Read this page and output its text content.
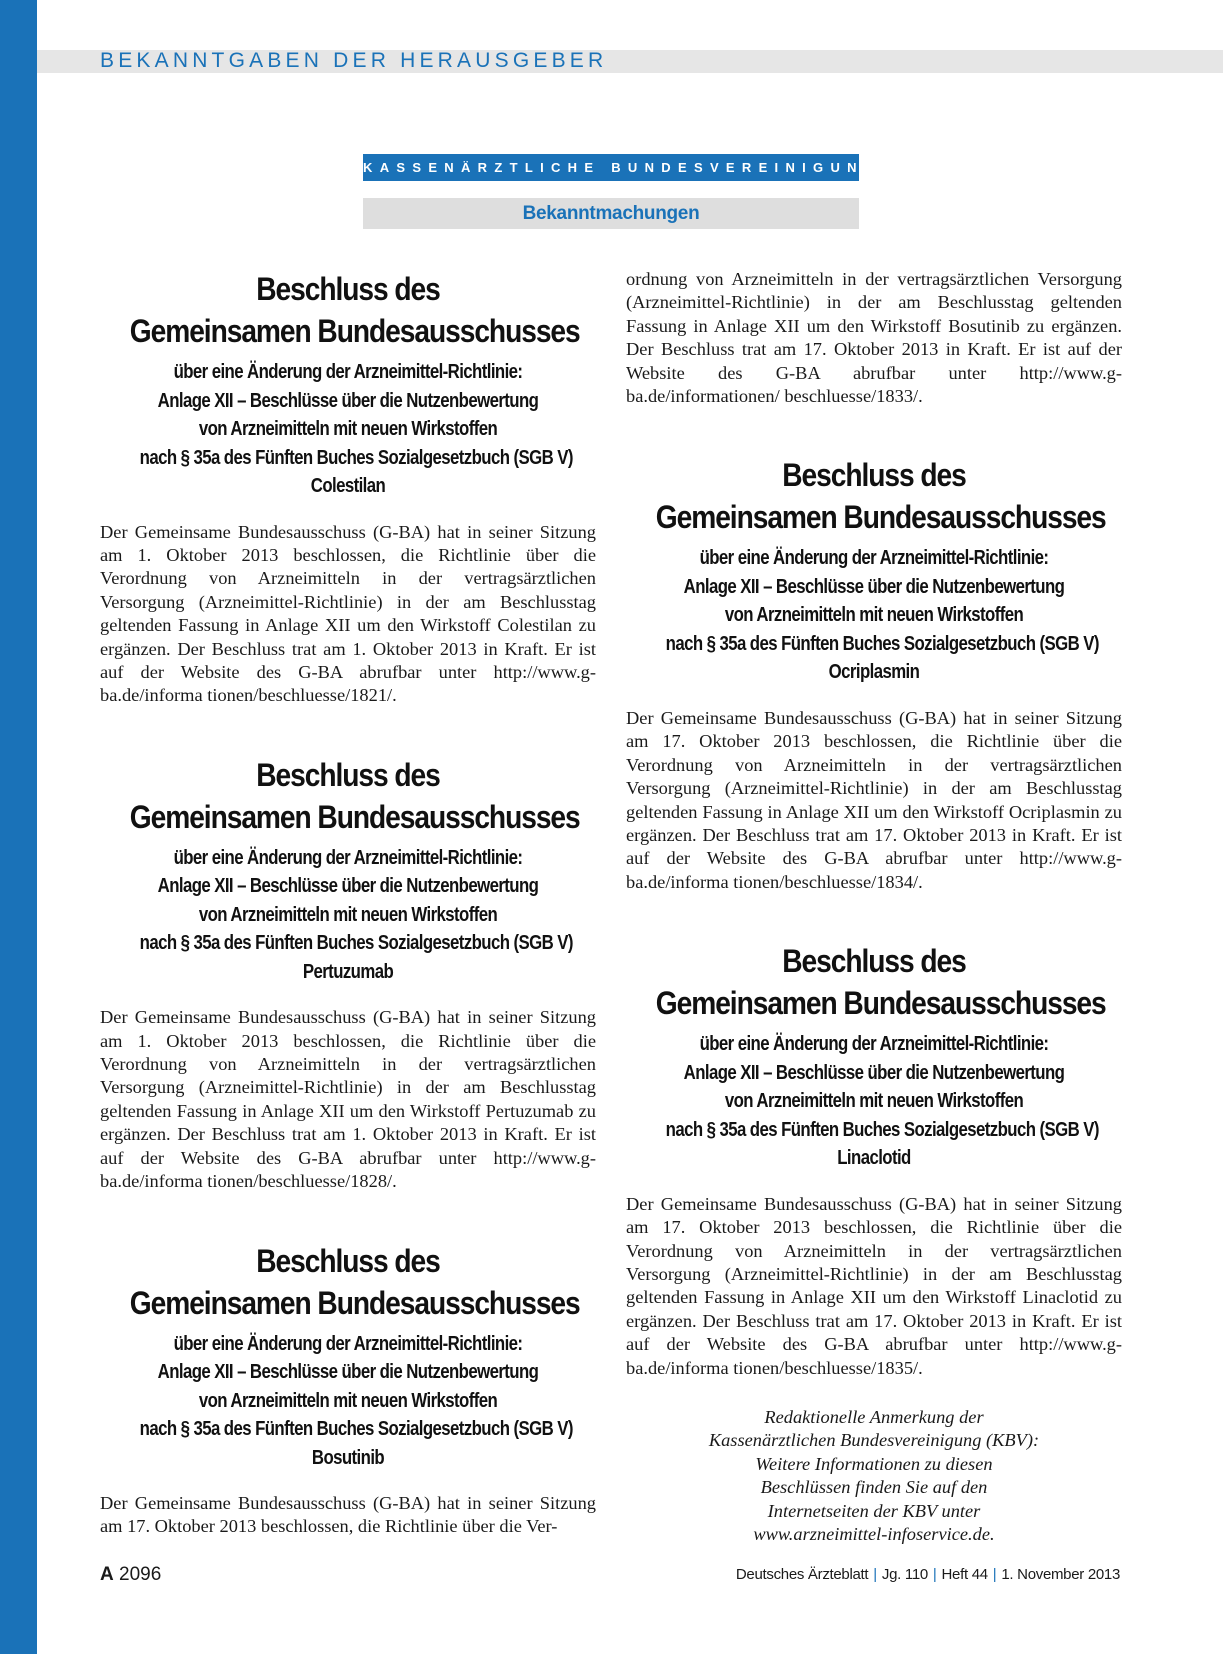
BEKANNTGABEN DER HERAUSGEBER
KASSENÄRZTLICHE BUNDESVEREINIGUNG
Bekanntmachungen
Beschluss des
Gemeinsamen Bundesausschusses
über eine Änderung der Arzneimittel-Richtlinie:
Anlage XII – Beschlüsse über die Nutzenbewertung
von Arzneimitteln mit neuen Wirkstoffen
nach § 35a des Fünften Buches Sozialgesetzbuch (SGB V)
Colestilan
Der Gemeinsame Bundesausschuss (G-BA) hat in seiner Sitzung am 1. Oktober 2013 beschlossen, die Richtlinie über die Verordnung von Arzneimitteln in der vertragsärztlichen Versorgung (Arzneimittel-Richtlinie) in der am Beschlusstag geltenden Fassung in Anlage XII um den Wirkstoff Colestilan zu ergänzen. Der Beschluss trat am 1. Oktober 2013 in Kraft. Er ist auf der Website des G-BA abrufbar unter http://www.g-ba.de/informa tionen/beschluesse/1821/.
Beschluss des
Gemeinsamen Bundesausschusses
über eine Änderung der Arzneimittel-Richtlinie:
Anlage XII – Beschlüsse über die Nutzenbewertung
von Arzneimitteln mit neuen Wirkstoffen
nach § 35a des Fünften Buches Sozialgesetzbuch (SGB V)
Pertuzumab
Der Gemeinsame Bundesausschuss (G-BA) hat in seiner Sitzung am 1. Oktober 2013 beschlossen, die Richtlinie über die Verordnung von Arzneimitteln in der vertragsärztlichen Versorgung (Arzneimittel-Richtlinie) in der am Beschlusstag geltenden Fassung in Anlage XII um den Wirkstoff Pertuzumab zu ergänzen. Der Beschluss trat am 1. Oktober 2013 in Kraft. Er ist auf der Website des G-BA abrufbar unter http://www.g-ba.de/informa tionen/beschluesse/1828/.
Beschluss des
Gemeinsamen Bundesausschusses
über eine Änderung der Arzneimittel-Richtlinie:
Anlage XII – Beschlüsse über die Nutzenbewertung
von Arzneimitteln mit neuen Wirkstoffen
nach § 35a des Fünften Buches Sozialgesetzbuch (SGB V)
Bosutinib
Der Gemeinsame Bundesausschuss (G-BA) hat in seiner Sitzung am 17. Oktober 2013 beschlossen, die Richtlinie über die Ver-
ordnung von Arzneimitteln in der vertragsärztlichen Versorgung (Arzneimittel-Richtlinie) in der am Beschlusstag geltenden Fassung in Anlage XII um den Wirkstoff Bosutinib zu ergänzen. Der Beschluss trat am 17. Oktober 2013 in Kraft. Er ist auf der Website des G-BA abrufbar unter http://www.g-ba.de/informationen/ beschluesse/1833/.
Beschluss des
Gemeinsamen Bundesausschusses
über eine Änderung der Arzneimittel-Richtlinie:
Anlage XII – Beschlüsse über die Nutzenbewertung
von Arzneimitteln mit neuen Wirkstoffen
nach § 35a des Fünften Buches Sozialgesetzbuch (SGB V)
Ocriplasmin
Der Gemeinsame Bundesausschuss (G-BA) hat in seiner Sitzung am 17. Oktober 2013 beschlossen, die Richtlinie über die Verordnung von Arzneimitteln in der vertragsärztlichen Versorgung (Arzneimittel-Richtlinie) in der am Beschlusstag geltenden Fassung in Anlage XII um den Wirkstoff Ocriplasmin zu ergänzen. Der Beschluss trat am 17. Oktober 2013 in Kraft. Er ist auf der Website des G-BA abrufbar unter http://www.g-ba.de/informa tionen/beschluesse/1834/.
Beschluss des
Gemeinsamen Bundesausschusses
über eine Änderung der Arzneimittel-Richtlinie:
Anlage XII – Beschlüsse über die Nutzenbewertung
von Arzneimitteln mit neuen Wirkstoffen
nach § 35a des Fünften Buches Sozialgesetzbuch (SGB V)
Linaclotid
Der Gemeinsame Bundesausschuss (G-BA) hat in seiner Sitzung am 17. Oktober 2013 beschlossen, die Richtlinie über die Verordnung von Arzneimitteln in der vertragsärztlichen Versorgung (Arzneimittel-Richtlinie) in der am Beschlusstag geltenden Fassung in Anlage XII um den Wirkstoff Linaclotid zu ergänzen. Der Beschluss trat am 17. Oktober 2013 in Kraft. Er ist auf der Website des G-BA abrufbar unter http://www.g-ba.de/informa tionen/beschluesse/1835/.
Redaktionelle Anmerkung der
Kassenärztlichen Bundesvereinigung (KBV):
Weitere Informationen zu diesen
Beschlüssen finden Sie auf den
Internetseiten der KBV unter
www.arzneimittel-infoservice.de.
A 2096	Deutsches Ärzteblatt | Jg. 110 | Heft 44 | 1. November 2013
